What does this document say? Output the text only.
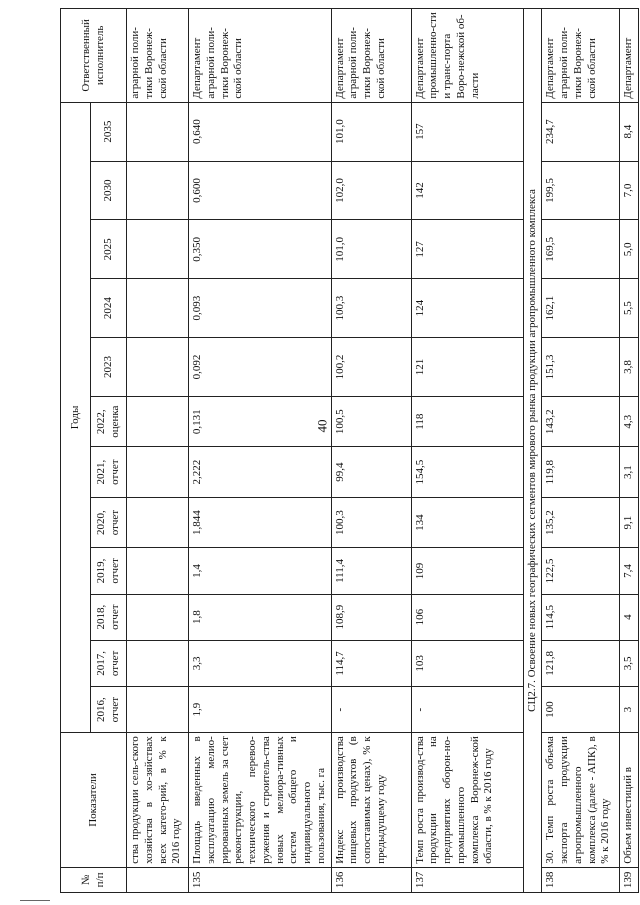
40
№ п/п	Показатели	Годы												Ответственный исполнитель
		2016, отчет	2017, отчет	2018, отчет	2019, отчет	2020, отчет	2021, отчет	2022, оценка	2023	2024	2025	2030	2035	
	ства продукции сель-ского хозяйства в хо-зяйствах всех катего-рий, в % к 2016 году													аграрной поли-тики Воронеж-ской области
135	Площадь введенных в эксплуатацию мелио-рированных земель за счет реконструкции, технического перевоо-ружения и строитель-ства новых мелиора-тивных систем общего и индивидуального пользования, тыс. га	1,9	3,3	1,8	1,4	1,844	2,222	0,131	0,092	0,093	0,350	0,600	0,640	Департамент аграрной поли-тики Воронеж-ской области
136	Индекс производства пищевых продуктов (в сопоставимых ценах), % к предыдущему году	-	114,7	108,9	111,4	100,3	99,4	100,5	100,2	100,3	101,0	102,0	101,0	Департамент аграрной поли-тики Воронеж-ской области
137	Темп роста производ-ства продукции на предприятиях оборон-но-промышленного комплекса Воронеж-ской области, в % к 2016 году	-	103	106	109	134	154,5	118	121	124	127	142	157	Департамент промышленно-сти и транс-порта Воро-нежской об-ласти
СЦ2.7. Освоение новых географических сегментов мирового рынка продукции агропромышленного комплекса														
138	30. Темп роста объема экспорта продукции агропромышленного комплекса (далее - АПК), в % к 2016 году	100	121,8	114,5	122,5	135,2	119,8	143,2	151,3	162,1	169,5	199,5	234,7	Департамент аграрной поли-тики Воронеж-ской области
139	Объем инвестиций в	3	3,5	4	7,4	9,1	3,1	4,3	3,8	5,5	5,0	7,0	8,4	Департамент
